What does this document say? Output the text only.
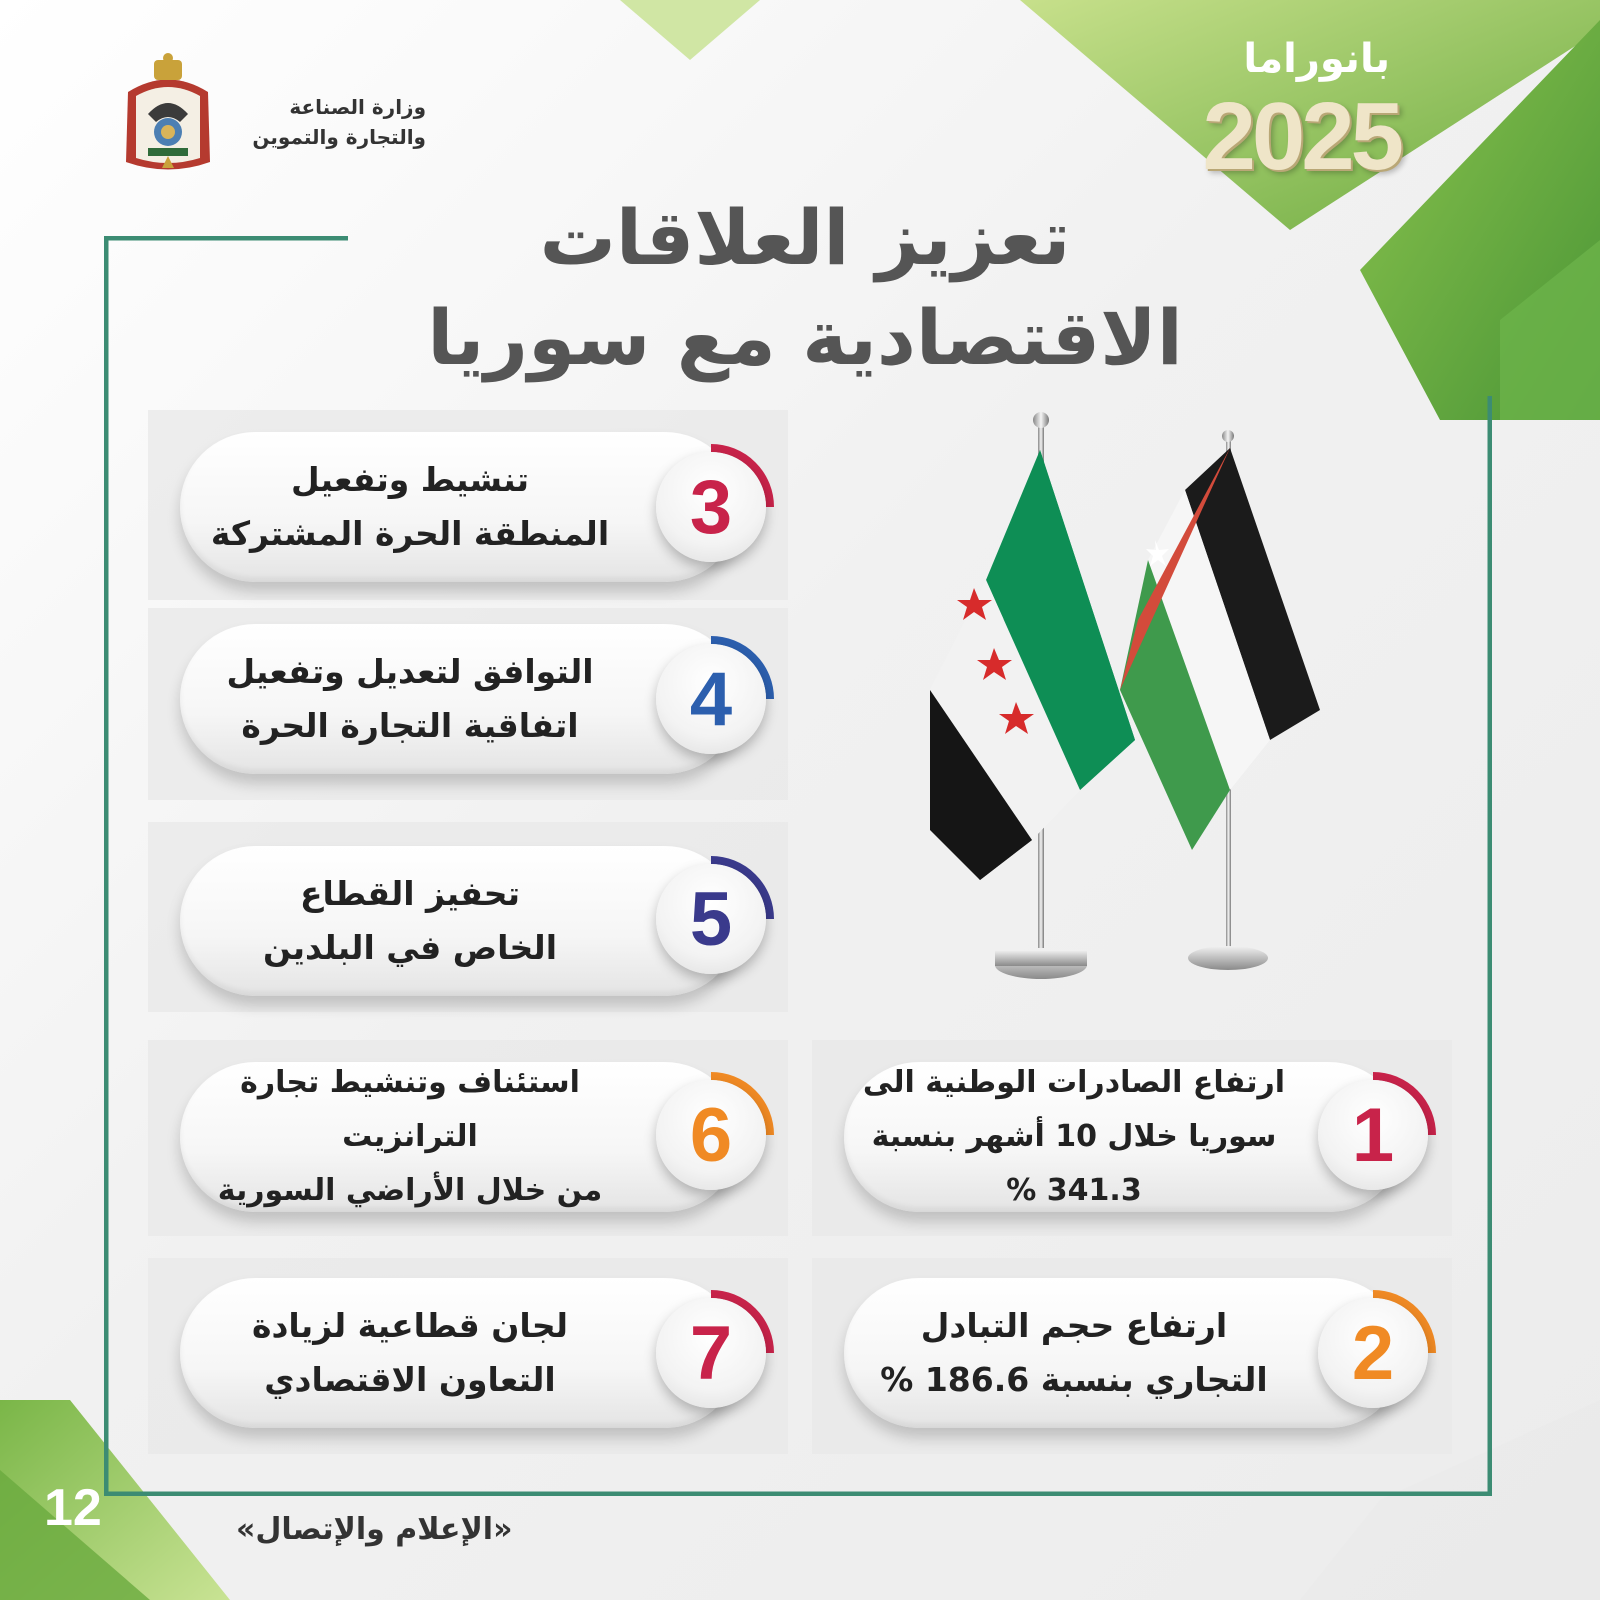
بانوراما
2025
وزارة الصناعة
والتجارة والتموين
تعزيز العلاقات
الاقتصادية مع سوريا
تنشيط وتفعيل
المنطقة الحرة المشتركة	3
التوافق لتعديل وتفعيل
اتفاقية التجارة الحرة	4
تحفيز القطاع
الخاص في البلدين	5
استئناف وتنشيط تجارة الترانزيت
من خلال الأراضي السورية
6
لجان قطاعية لزيادة
التعاون الاقتصادي	7
ارتفاع الصادرات الوطنية الى
سوريا خلال 10 أشهر بنسبة 341.3 %
1
ارتفاع حجم التبادل
التجاري بنسبة 186.6 %	2
12	«الإعلام والإتصال»
